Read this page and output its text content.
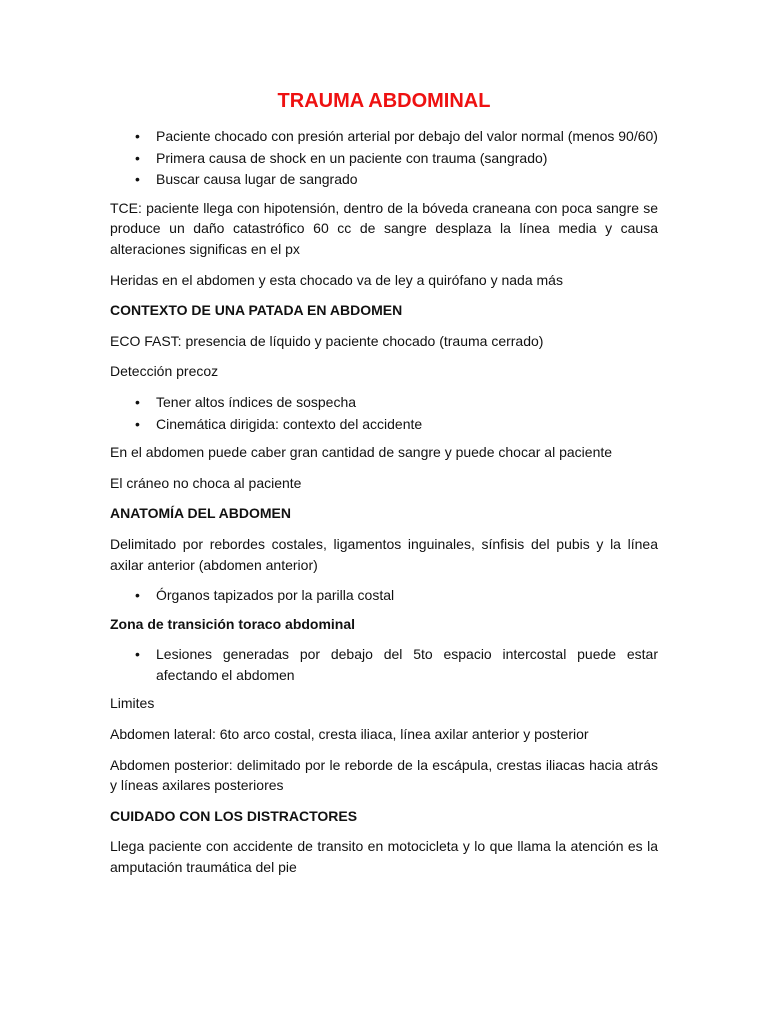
TRAUMA ABDOMINAL
• Paciente chocado con presión arterial por debajo del valor normal (menos 90/60)
• Primera causa de shock en un paciente con trauma (sangrado)
• Buscar causa lugar de sangrado

TCE: paciente llega con hipotensión, dentro de la bóveda craneana con poca sangre se produce un daño catastrófico 60 cc de sangre desplaza la línea media y causa alteraciones significas en el px

Heridas en el abdomen y esta chocado va de ley a quirófano y nada más

CONTEXTO DE UNA PATADA EN ABDOMEN

ECO FAST: presencia de líquido y paciente chocado (trauma cerrado)

Detección precoz

• Tener altos índices de sospecha
• Cinemática dirigida: contexto del accidente

En el abdomen puede caber gran cantidad de sangre y puede chocar al paciente

El cráneo no choca al paciente

ANATOMÍA DEL ABDOMEN

Delimitado por rebordes costales, ligamentos inguinales, sínfisis del pubis y la línea axilar anterior (abdomen anterior)

• Órganos tapizados por la parilla costal

Zona de transición toraco abdominal

• Lesiones generadas por debajo del 5to espacio intercostal puede estar afectando el abdomen

Limites

Abdomen lateral: 6to arco costal, cresta iliaca, línea axilar anterior y posterior

Abdomen posterior: delimitado por le reborde de la escápula, crestas iliacas hacia atrás y líneas axilares posteriores

CUIDADO CON LOS DISTRACTORES

Llega paciente con accidente de transito en motocicleta y lo que llama la atención es la amputación traumática del pie
